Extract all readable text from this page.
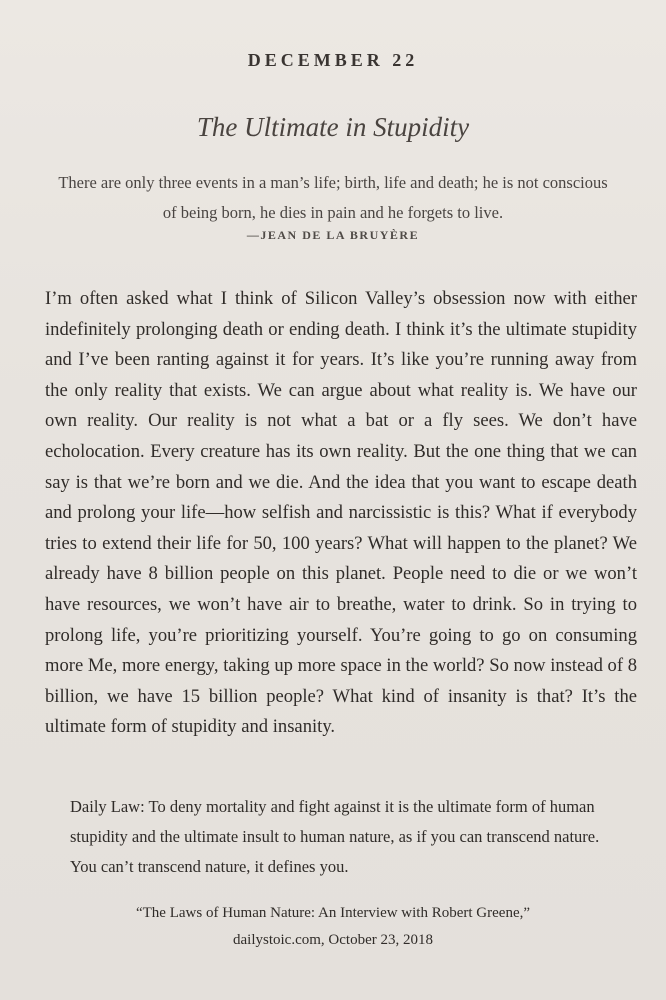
DECEMBER 22
The Ultimate in Stupidity
There are only three events in a man’s life; birth, life and death; he is not conscious of being born, he dies in pain and he forgets to live.
—JEAN DE LA BRUYÈRE
I’m often asked what I think of Silicon Valley’s obsession now with either indefinitely prolonging death or ending death. I think it’s the ultimate stupidity and I’ve been ranting against it for years. It’s like you’re running away from the only reality that exists. We can argue about what reality is. We have our own reality. Our reality is not what a bat or a fly sees. We don’t have echolocation. Every creature has its own reality. But the one thing that we can say is that we’re born and we die. And the idea that you want to escape death and prolong your life—how selfish and narcissistic is this? What if everybody tries to extend their life for 50, 100 years? What will happen to the planet? We already have 8 billion people on this planet. People need to die or we won’t have resources, we won’t have air to breathe, water to drink. So in trying to prolong life, you’re prioritizing yourself. You’re going to go on consuming more Me, more energy, taking up more space in the world? So now instead of 8 billion, we have 15 billion people? What kind of insanity is that? It’s the ultimate form of stupidity and insanity.
Daily Law: To deny mortality and fight against it is the ultimate form of human stupidity and the ultimate insult to human nature, as if you can transcend nature. You can’t transcend nature, it defines you.
“The Laws of Human Nature: An Interview with Robert Greene,”
dailystoic.com, October 23, 2018
